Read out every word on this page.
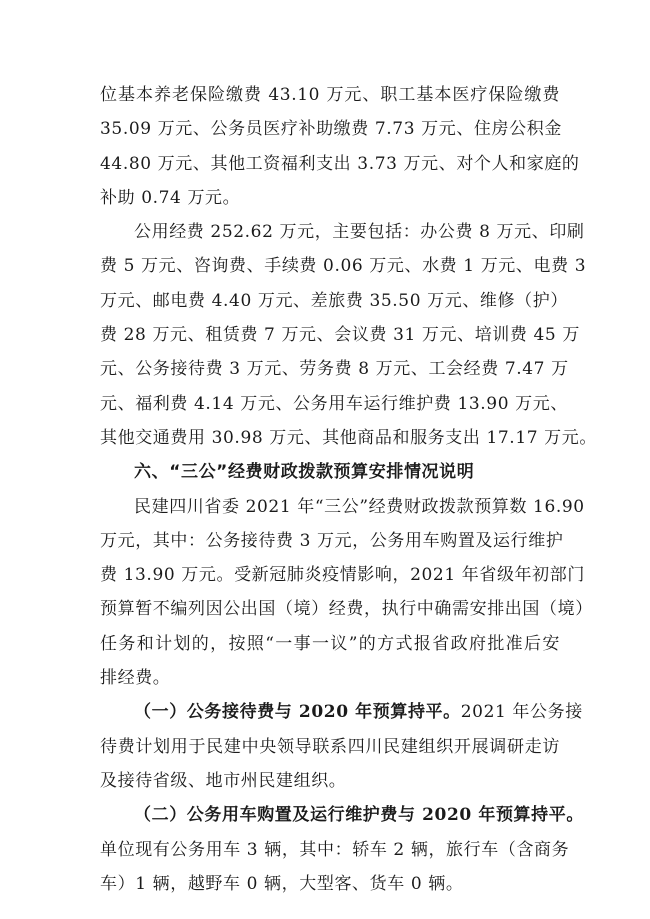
位基本养老保险缴费 43.10 万元、职工基本医疗保险缴费
35.09 万元、公务员医疗补助缴费 7.73 万元、住房公积金
44.80 万元、其他工资福利支出 3.73 万元、对个人和家庭的
补助 0.74 万元。
公用经费 252.62 万元，主要包括：办公费 8 万元、印刷
费 5 万元、咨询费、手续费 0.06 万元、水费 1 万元、电费 3
万元、邮电费 4.40 万元、差旅费 35.50 万元、维修（护）
费 28 万元、租赁费 7 万元、会议费 31 万元、培训费 45 万
元、公务接待费 3 万元、劳务费 8 万元、工会经费 7.47 万
元、福利费 4.14 万元、公务用车运行维护费 13.90 万元、
其他交通费用 30.98 万元、其他商品和服务支出 17.17 万元。
六、“三公”经费财政拨款预算安排情况说明
民建四川省委 2021 年“三公”经费财政拨款预算数 16.90
万元，其中：公务接待费 3 万元，公务用车购置及运行维护
费 13.90 万元。受新冠肺炎疫情影响，2021 年省级年初部门
预算暂不编列因公出国（境）经费，执行中确需安排出国（境）
任务和计划的，按照“一事一议”的方式报省政府批准后安
排经费。
（一）公务接待费与 2020 年预算持平。2021 年公务接
待费计划用于民建中央领导联系四川民建组织开展调研走访
及接待省级、地市州民建组织。
（二）公务用车购置及运行维护费与 2020 年预算持平。
单位现有公务用车 3 辆，其中：轿车 2 辆，旅行车（含商务
车）1 辆，越野车 0 辆，大型客、货车 0 辆。
